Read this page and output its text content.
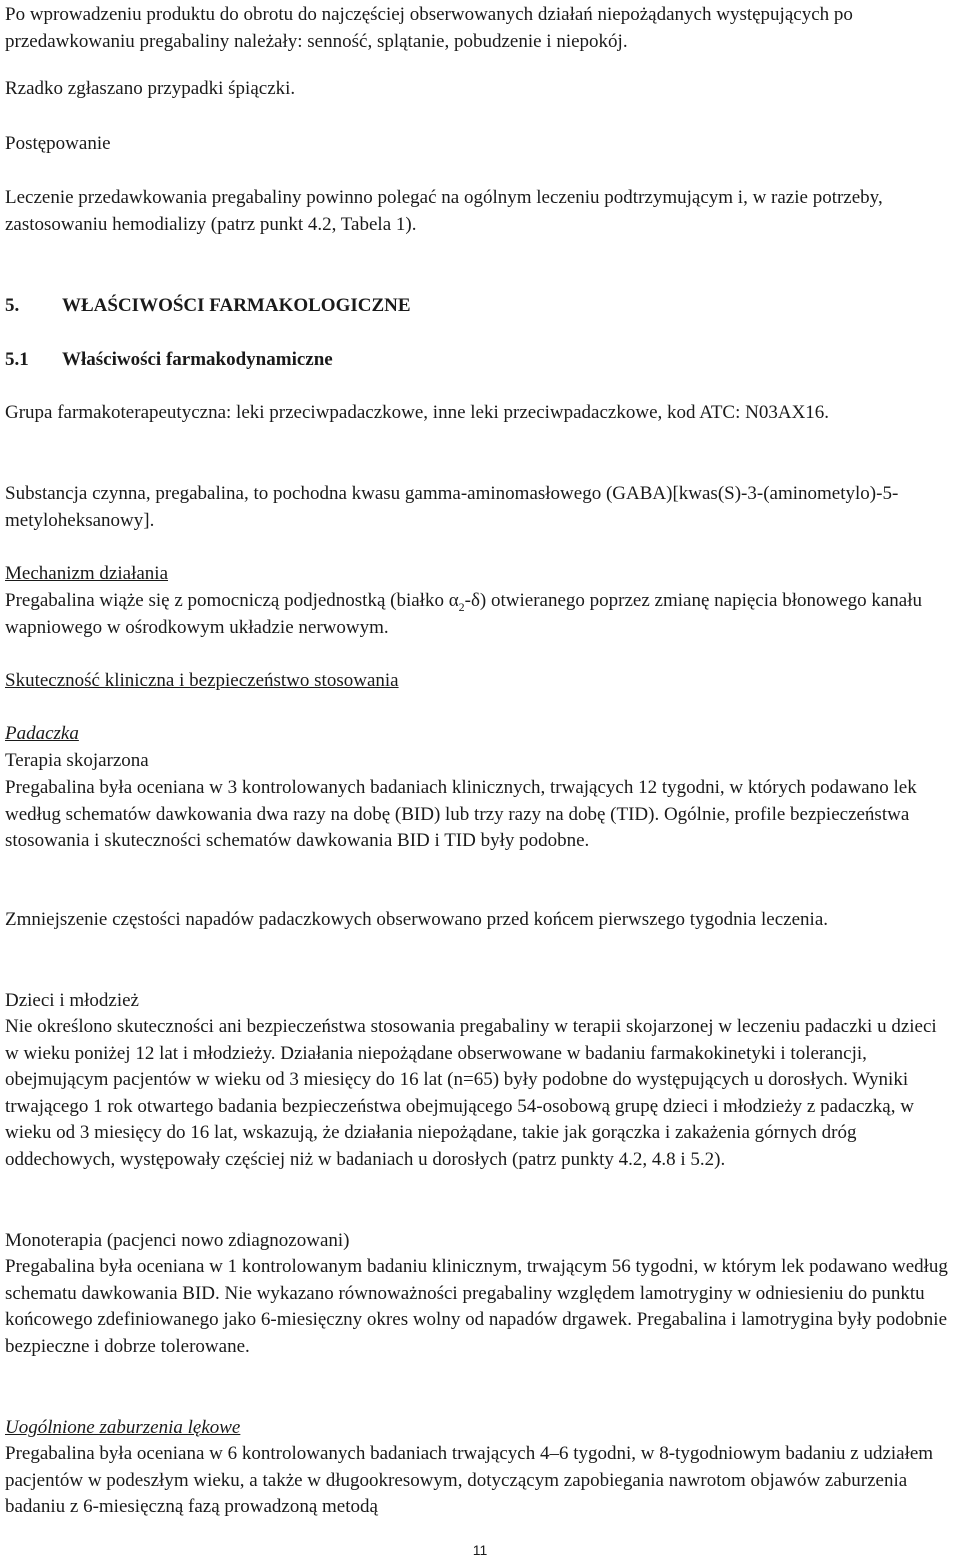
Po wprowadzeniu produktu do obrotu do najczęściej obserwowanych działań niepożądanych występujących po przedawkowaniu pregabaliny należały: senność, splątanie, pobudzenie i niepokój.

Rzadko zgłaszano przypadki śpiączki.

Postępowanie

Leczenie przedawkowania pregabaliny powinno polegać na ogólnym leczeniu podtrzymującym i, w razie potrzeby, zastosowaniu hemodializy (patrz punkt 4.2, Tabela 1).

5. WŁAŚCIWOŚCI FARMAKOLOGICZNE
5.1 Właściwości farmakodynamiczne

Grupa farmakoterapeutyczna: leki przeciwpadaczkowe, inne leki przeciwpadaczkowe, kod ATC: N03AX16.

Substancja czynna, pregabalina, to pochodna kwasu gamma-aminomasłowego (GABA)[kwas(S)-3-(aminometylo)-5-metyloheksanowy].

Mechanizm działania

Pregabalina wiąże się z pomocniczą podjednostką (białko $\alpha_2-\delta$) otwieranego poprzez zmianę napięcia błonowego kanału wapniowego w ośrodkowym układzie nerwowym.

Skuteczność kliniczna i bezpieczeństwo stosowania

Padaczka

Terapia skojarzona

Pregabalina była oceniana w 3 kontrolowanych badaniach klinicznych, trwających 12 tygodni, w których podawano lek według schematów dawkowania dwa razy na dobę (BID) lub trzy razy na dobę (TID). Ogólnie, profile bezpieczeństwa stosowania i skuteczności schematów dawkowania BID i TID były podobne.

Zmniejszenie częstości napadów padaczkowych obserwowano przed końcem pierwszego tygodnia leczenia.

Dzieci i młodzież

Nie określono skuteczności ani bezpieczeństwa stosowania pregabaliny w terapii skojarzonej w leczeniu padaczki u dzieci w wieku poniżej 12 lat i młodzieży. Działania niepożądane obserwowane w badaniu farmakokinetyki i tolerancji, obejmującym pacjentów w wieku od 3 miesięcy do 16 lat (n=65) były podobne do występujących u dorosłych. Wyniki trwającego 1 rok otwartego badania bezpieczeństwa obejmującego 54-osobową grupę dzieci i młodzieży z padaczką, w wieku od 3 miesięcy do 16 lat, wskazują, że działania niepożądane, takie jak gorączka i zakażenia górnych dróg oddechowych, występowały częściej niż w badaniach u dorosłych (patrz punkty 4.2, 4.8 i 5.2).

Monoterapia (pacjenci nowo zdiagnozowani)

Pregabalina była oceniana w 1 kontrolowanym badaniu klinicznym, trwającym 56 tygodni, w którym lek podawano według schematu dawkowania BID. Nie wykazano równoważności pregabaliny względem lamotryginy w odniesieniu do punktu końcowego zdefiniowanego jako 6-miesięczny okres wolny od napadów drgawek. Pregabalina i lamotrygina były podobnie bezpieczne i dobrze tolerowane.

Uogólnione zaburzenia lękowe

Pregabalina była oceniana w 6 kontrolowanych badaniach trwających 4–6 tygodni, w 8-tygodniowym badaniu z udziałem pacjentów w podeszłym wieku, a także w długookresowym, dotyczącym zapobiegania nawrotom objawów zaburzenia badaniu z 6-miesięczną fazą prowadzoną metodą

11
